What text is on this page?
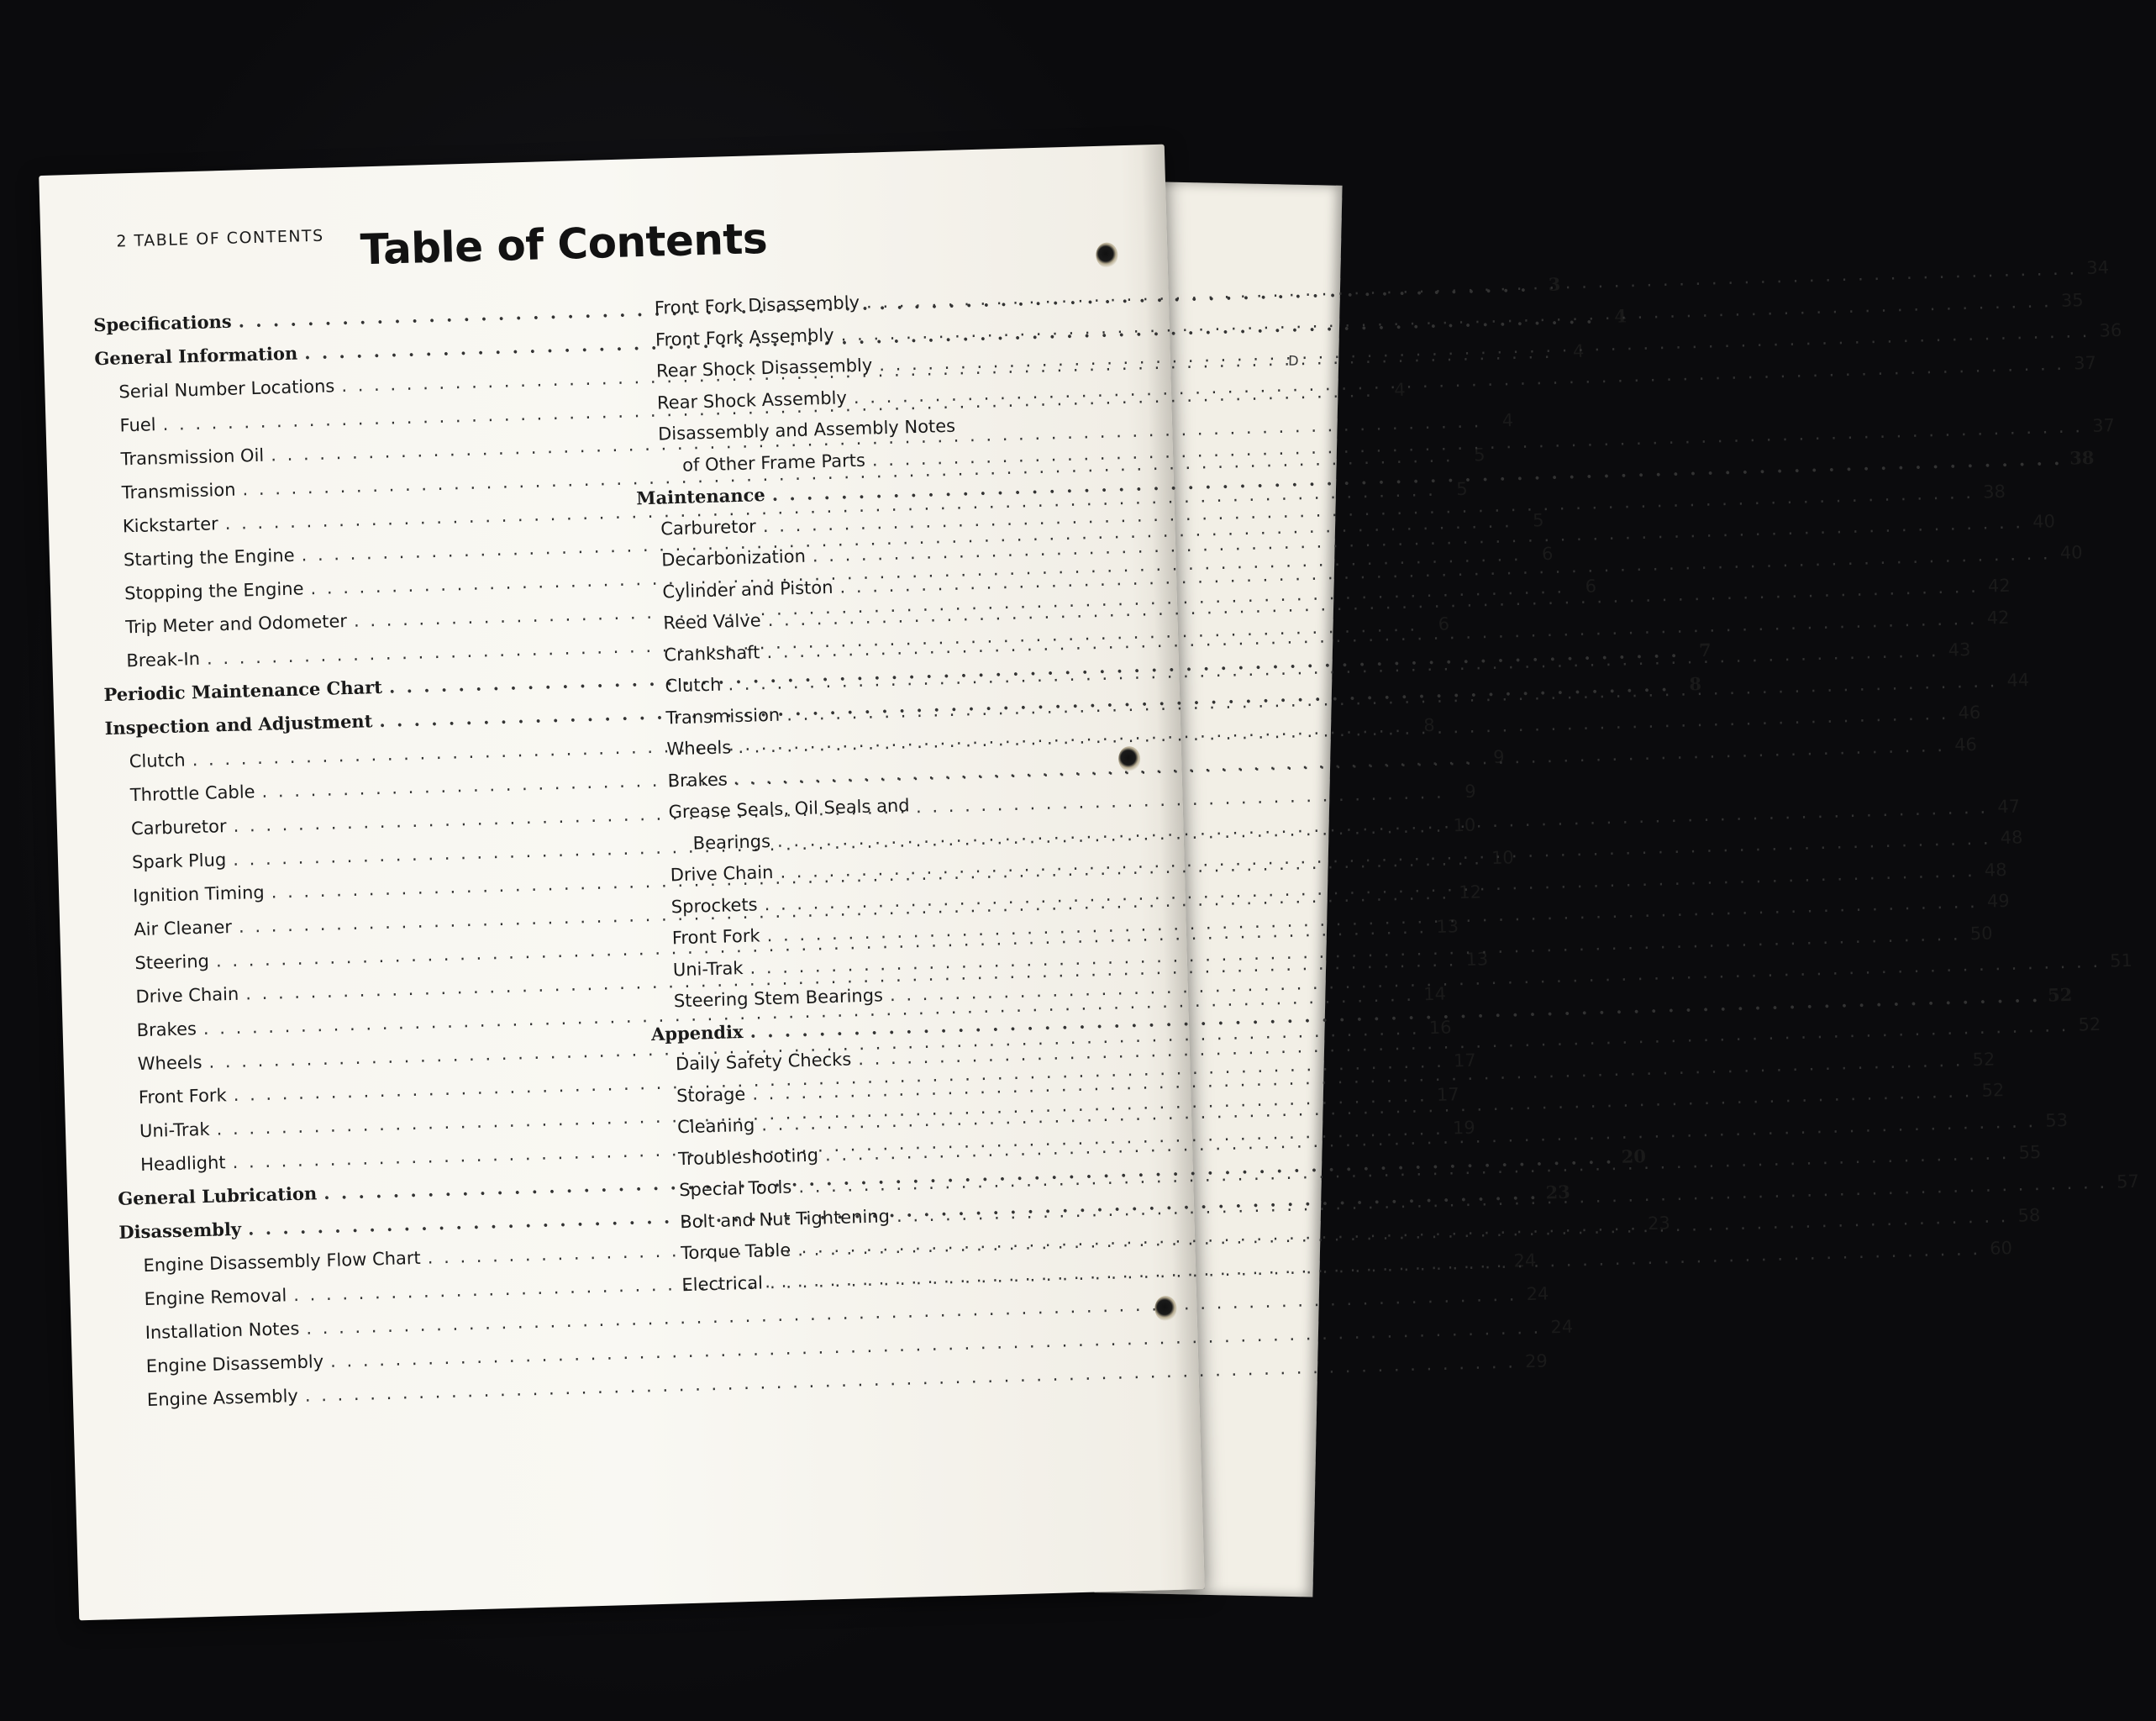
D
2 TABLE OF CONTENTS Table of Contents
Specifications
. . .
3
General Information
. . .
4
Serial Number Locations
. . .
4
Fuel
. . .
4
Transmission Oil
. . .
4
Transmission
. . .
5
Kickstarter
. . .
5
Starting the Engine
. . .
5
Stopping the Engine
. . .
6
Trip Meter and Odometer
. . .
6
Break-In
. . .
6
Periodic Maintenance Chart
. . .
7
Inspection and Adjustment
. . .
8
Clutch
. . .
8
Throttle Cable
. . .
9
Carburetor
. . .
9
Spark Plug
. . .
10
Ignition Timing
. . .
10
Air Cleaner
. . .
12
Steering
. . .
13
Drive Chain
. . .
13
Brakes
. . .
14
Wheels
. . .
16
Front Fork
. . .
17
Uni-Trak
. . .
17
Headlight
. . .
19
General Lubrication
. . .
20
Disassembly
. . .
23
Engine Disassembly Flow Chart
. . .
23
Engine Removal
. . .
24
Installation Notes
. . .
24
Engine Disassembly
. . .
24
Engine Assembly
. . .
29
Front Fork Disassembly
. . .
34
Front Fork Assembly
. . .
35
Rear Shock Disassembly
. . .
36
Rear Shock Assembly
. . .
37
Disassembly and Assembly Notes
of Other Frame Parts
. . .
37
Maintenance
. . .
38
Carburetor
. . .
38
Decarbonization
. . .
40
Cylinder and Piston
. . .
40
Reed Valve
. . .
42
Crankshaft
. . .
42
Clutch
. . .
43
Transmission
. . .
44
Wheels
. . .
46
Brakes
. . .
46
Grease Seals, Oil Seals and
Bearings
. . .
47
Drive Chain
. . .
48
Sprockets
. . .
48
Front Fork
. . .
49
Uni-Trak
. . .
50
Steering Stem Bearings
. . .
51
Appendix
. . .
52
Daily Safety Checks
. . .
52
Storage
. . .
52
Cleaning
. . .
52
Troubleshooting
. . .
53
Special Tools
. . .
55
Bolt and Nut Tightening
. . .
57
Torque Table
. . .
58
Electrical
. . .
60
